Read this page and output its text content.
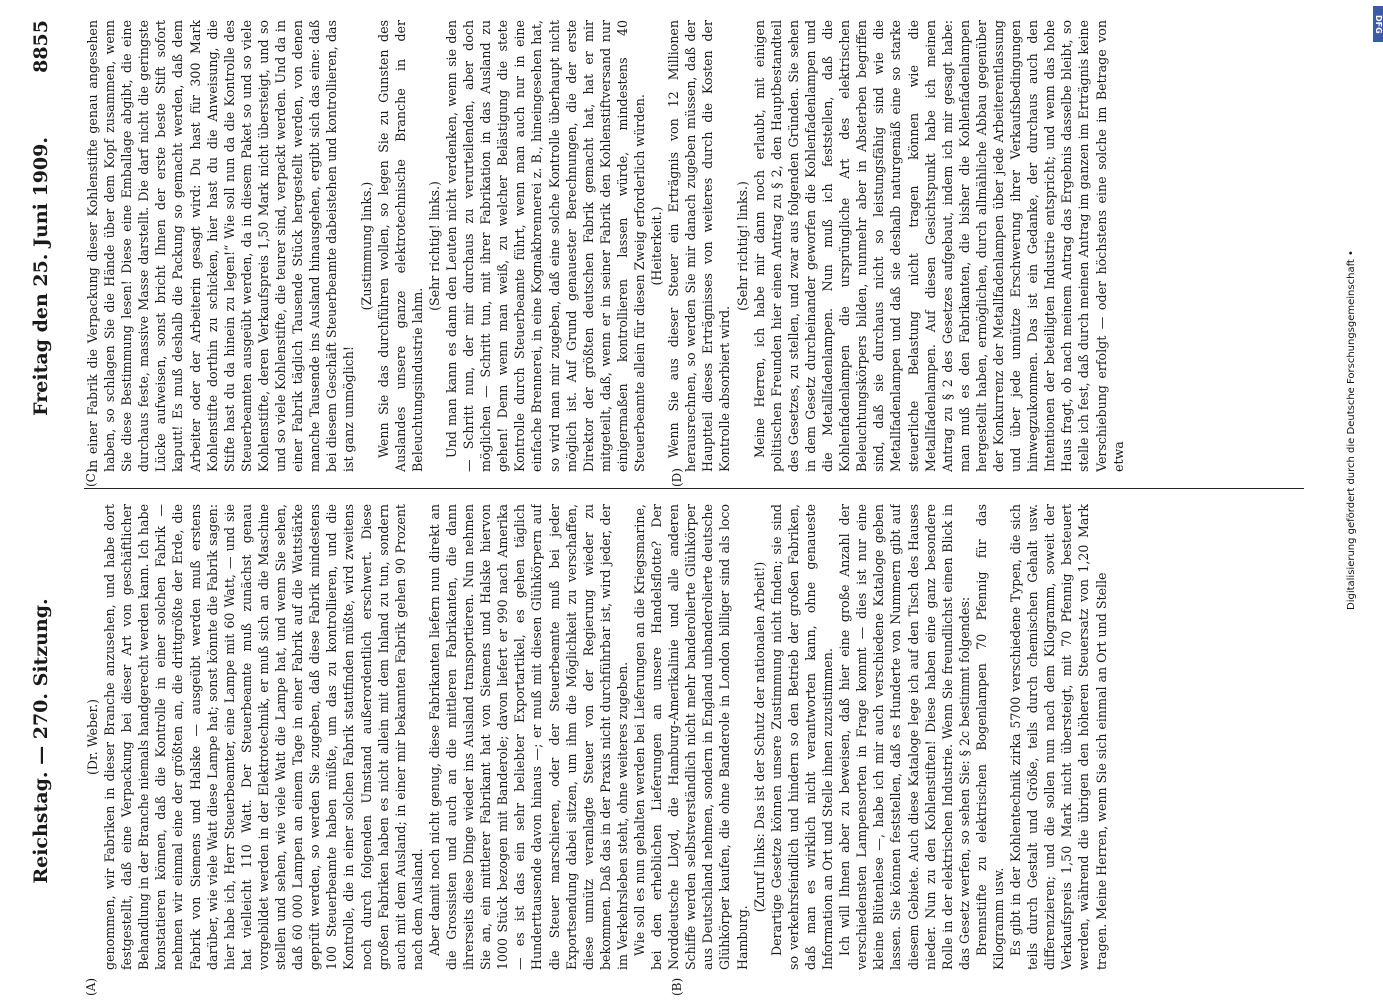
Reichstag. — 270. Sitzung.
Freitag den 25. Juni 1909.
8855
(A)	(B)
(C)	(D)

(Dr. Weber.) genommen, wir Fabriken in dieser Branche anzusehen, und habe dort festgestellt, daß eine Verpackung bei dieser Art von geschäftlicher Behandlung in der Branche niemals handgerecht werden kann. Ich habe konstatieren können, daß die Kontrolle in einer solchen Fabrik — nehmen wir einmal eine der größten an, die drittgrößte der Erde, die Fabrik von Siemens und Halske — ausgeübt werden muß erstens darüber, wie viele Watt diese Lampe hat; sonst könnte die Fabrik sagen: hier habe ich, Herr Steuerbeamter, eine Lampe mit 60 Watt, — und sie hat vielleicht 110 Watt. Der Steuerbeamte muß zunächst genau vorgebildet werden in der Elektrotechnik, er muß sich an die Maschine stellen und sehen, wie viele Watt die Lampe hat, und wenn Sie sehen, daß 60 000 Lampen an einem Tage in einer Fabrik auf die Wattstärke geprüft werden, so werden Sie zugeben, daß diese Fabrik mindestens 100 Steuerbeamte haben müßte, um das zu kontrollieren, und die Kontrolle, die in einer solchen Fabrik stattfinden müßte, wird zweitens noch durch folgenden Umstand außerordentlich erschwert. Diese großen Fabriken haben es nicht allein mit dem Inland zu tun, sondern auch mit dem Ausland; in einer mir bekannten Fabrik gehen 90 Prozent nach dem Ausland. Aber damit noch nicht genug, diese Fabrikanten liefern nun direkt an die Grossisten und auch an die mittleren Fabrikanten, die dann ihrerseits diese Dinge wieder ins Ausland transportieren. Nun nehmen Sie an, ein mittlerer Fabrikant hat von Siemens und Halske hiervon 1000 Stück bezogen mit Banderole; davon liefert er 990 nach Amerika — es ist das ein sehr beliebter Exportartikel, es gehen täglich Hunderttausende davon hinaus —; er muß mit diesen Glühkörpern auf die Steuer marschieren, oder der Steuerbeamte muß bei jeder Exportsendung dabei sitzen, um ihm die Möglichkeit zu verschaffen, diese unnütz veranlagte Steuer von der Regierung wieder zu bekommen. Daß das in der Praxis nicht durchführbar ist, wird jeder, der im Verkehrsleben steht, ohne weiteres zugeben. Wie soll es nun gehalten werden bei Lieferungen an die Kriegsmarine, bei den erheblichen Lieferungen an unsere Handelsflotte? Der Norddeutsche Lloyd, die Hamburg-Amerikalinie und alle anderen Schiffe werden selbstverständlich nicht mehr banderolierte Glühkörper aus Deutschland nehmen, sondern in England unbanderolierte deutsche Glühkörper kaufen, die ohne Banderole in London billiger sind als loco Hamburg.

(Zuruf links: Das ist der Schutz der nationalen Arbeit!) Derartige Gesetze können unsere Zustimmung nicht finden; sie sind so verkehrsfeindlich und hindern so den Betrieb der großen Fabriken, daß man es wirklich nicht verantworten kann, ohne genaueste Information an Ort und Stelle ihnen zuzustimmen. Ich will Ihnen aber zu beweisen, daß hier eine große Anzahl der verschiedensten Lampensorten in Frage kommt — dies ist nur eine kleine Blütenlese —, habe ich mir auch verschiedene Kataloge geben lassen. Sie können feststellen, daß es Hunderte von Nummern gibt auf diesem Gebiete. Auch diese Kataloge lege ich auf den Tisch des Hauses nieder. Nun zu den Kohlenstiften! Diese haben eine ganz besondere Rolle in der elektrischen Industrie. Wenn Sie freundlichst einen Blick in das Gesetz werfen, so sehen Sie: § 2c bestimmt folgendes: Brennstifte zu elektrischen Bogenlampen 70 Pfennig für das Kilogramm usw. Es gibt in der Kohlentechnik zirka 5700 verschiedene Typen, die sich teils durch Gestalt und Größe, teils durch chemischen Gehalt usw. differenzieren; und die sollen nun nach dem Kilogramm, soweit der Verkaufspreis 1,50 Mark nicht übersteigt, mit 70 Pfennig besteuert werden, während die übrigen den höheren Steuersatz von 1,20 Mark tragen. Meine Herren, wenn Sie sich einmal an Ort und Stelle

in einer Fabrik die Verpackung dieser Kohlenstifte genau angesehen haben, so schlagen Sie die Hände über dem Kopf zusammen, wenn Sie diese Bestimmung lesen! Diese eine Emballage abgibt, die eine durchaus feste, massive Masse darstellt. Die darf nicht die geringste Lücke aufweisen, sonst bricht Ihnen der erste beste Stift sofort kaputt! Es muß deshalb die Packung so gemacht werden, daß dem Arbeiter oder der Arbeiterin gesagt wird: Du hast für 300 Mark Kohlenstifte dorthin zu schicken, hier hast du die Anweisung, die Stifte hast du da hinein zu legen!“ Wie soll nun da die Kontrolle des Steuerbeamten ausgeübt werden, da in diesem Paket so und so viele Kohlenstifte, deren Verkaufspreis 1,50 Mark nicht übersteigt, und so und so viele Kohlenstifte, die teurer sind, verpackt werden. Und da in einer Fabrik täglich Tausende Stück hergestellt werden, von denen manche Tausende ins Ausland hinausgehen, ergibt sich das eine: daß bei diesem Geschäft Steuerbeamte dabeistehen und kontrollieren, das ist ganz unmöglich!

(Zustimmung links.) Wenn Sie das durchführen wollen, so legen Sie zu Gunsten des Auslandes unsere ganze elektrotechnische Branche in der Beleuchtungsindustrie lahm.

(Sehr richtig! links.) Und man kann es dann den Leuten nicht verdenken, wenn sie den — Schritt nun, der mir durchaus zu verurteilenden, aber doch möglichen — Schritt tun, mit ihrer Fabrikation in das Ausland zu gehen! Denn wenn man weiß, zu welcher Belästigung die stete Kontrolle durch Steuerbeamte führt, wenn man auch nur in eine einfache Brennerei, in eine Kognakbrennerei z. B., hineingesehen hat, so wird man mir zugeben, daß eine solche Kontrolle überhaupt nicht möglich ist. Auf Grund genauester Berechnungen, die der erste Direktor der größten deutschen Fabrik gemacht hat, hat er mir mitgeteilt, daß, wenn er in seiner Fabrik den Kohlenstiftversand nur einigermaßen kontrollieren lassen würde, mindestens 40 Steuerbeamte allein für diesen Zweig erforderlich würden. (Heiterkeit.) Wenn Sie aus dieser Steuer ein Erträgnis von 12 Millionen herausrechnen, so werden Sie mir danach zugeben müssen, daß der Hauptteil dieses Erträgnisses von weiteres durch die Kosten der Kontrolle absorbiert wird.

(Sehr richtig! links.) Meine Herren, ich habe mir dann noch erlaubt, mit einigen politischen Freunden hier einen Antrag zu § 2, den Hauptbestandteil des Gesetzes, zu stellen, und zwar aus folgenden Gründen. Sie sehen in dem Gesetz durcheinander geworfen die Kohlenfadenlampen und die Metallfadenlampen. Nun muß ich feststellen, daß die Kohlenfadenlampen die ursprüngliche Art des elektrischen Beleuchtungskörpers bilden, nunmehr aber in Absterben begriffen sind, daß sie durchaus nicht so leistungsfähig sind wie die Metallfadenlampen und daß sie deshalb naturgemäß eine so starke steuerliche Belastung nicht tragen können wie die Metallfadenlampen. Auf diesen Gesichtspunkt habe ich meinen Antrag zu § 2 des Gesetzes aufgebaut, indem ich mir gesagt habe: man muß es den Fabrikanten, die bisher die Kohlenfadenlampen hergestellt haben, ermöglichen, durch allmähliche Abbau gegenüber der Konkurrenz der Metallfadenlampen über jede Arbeiterentlassung und über jede unnütze Erschwerung ihrer Verkaufsbedingungen hinwegzukommen. Das ist ein Gedanke, der durchaus auch den Intentionen der beteiligten Industrie entspricht; und wenn das hohe Haus fragt, ob nach meinem Antrag das Ergebnis dasselbe bleibt, so stelle ich fest, daß durch meinen Antrag im ganzen im Erträgnis keine Verschiebung erfolgt — oder höchstens eine solche im Betrage von etwa	Digitalisierung gefördert durch die Deutsche Forschungsgemeinschaft •
DFG
